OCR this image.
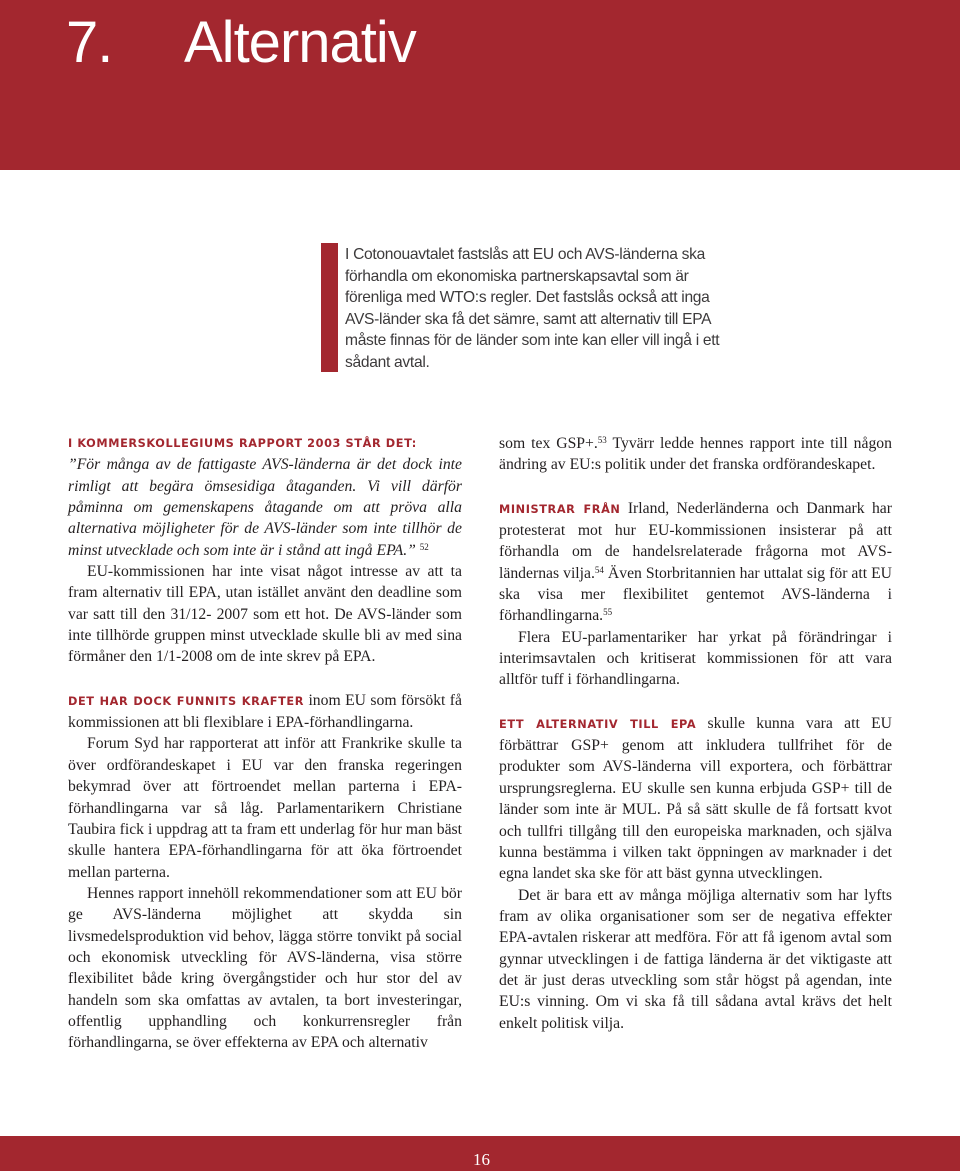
7. Alternativ

I Cotonouavtalet fastslås att EU och AVS-länderna ska förhandla om ekonomiska partnerskapsavtal som är förenliga med WTO:s regler. Det fastslås också att inga AVS-länder ska få det sämre, samt att alternativ till EPA måste finnas för de länder som inte kan eller vill ingå i ett sådant avtal.

I KOMMERSKOLLEGIUMS RAPPORT 2003 STÅR DET:
”För många av de fattigaste AVS-länderna är det dock inte rimligt att begära ömsesidiga åtaganden. Vi vill därför påminna om gemenskapens åtagande om att pröva alla alternativa möjligheter för de AVS-länder som inte tillhör de minst utvecklade och som inte är i stånd att ingå EPA.” $^{52}$

EU-kommissionen har inte visat något intresse av att ta fram alternativ till EPA, utan istället använt den deadline som var satt till den 31/12- 2007 som ett hot. De AVS-länder som inte tillhörde gruppen minst utvecklade skulle bli av med sina förmåner den 1/1-2008 om de inte skrev på EPA.

DET HAR DOCK FUNNITS KRAFTER inom EU som försökt få kommissionen att bli flexiblare i EPA-förhandlingarna.

Forum Syd har rapporterat att inför att Frankrike skulle ta över ordförandeskapet i EU var den franska regeringen bekymrad över att förtroendet mellan parterna i EPA-förhandlingarna var så låg. Parlamentarikern Christiane Taubira fick i uppdrag att ta fram ett underlag för hur man bäst skulle hantera EPA-förhandlingarna för att öka förtroendet mellan parterna.

Hennes rapport innehöll rekommendationer som att EU bör ge AVS-länderna möjlighet att skydda sin livsmedelsproduktion vid behov, lägga större tonvikt på social och ekonomisk utveckling för AVS-länderna, visa större flexibilitet både kring övergångstider och hur stor del av handeln som ska omfattas av avtalen, ta bort investeringar, offentlig upphandling och konkurrensregler från förhandlingarna, se över effekterna av EPA och alternativ

som tex GSP+.$^{53}$ Tyvärr ledde hennes rapport inte till någon ändring av EU:s politik under det franska ordförandeskapet.

MINISTRAR FRÅN Irland, Nederländerna och Danmark har protesterat mot hur EU-kommissionen insisterar på att förhandla om de handelsrelaterade frågorna mot AVS-ländernas vilja.$^{54}$ Även Storbritannien har uttalat sig för att EU ska visa mer flexibilitet gentemot AVS-länderna i förhandlingarna.$^{55}$

Flera EU-parlamentariker har yrkat på förändringar i interimsavtalen och kritiserat kommissionen för att vara alltför tuff i förhandlingarna.

ETT ALTERNATIV TILL EPA skulle kunna vara att EU förbättrar GSP+ genom att inkludera tullfrihet för de produkter som AVS-länderna vill exportera, och förbättrar ursprungsreglerna. EU skulle sen kunna erbjuda GSP+ till de länder som inte är MUL. På så sätt skulle de få fortsatt kvot och tullfri tillgång till den europeiska marknaden, och själva kunna bestämma i vilken takt öppningen av marknader i det egna landet ska ske för att bäst gynna utvecklingen.

Det är bara ett av många möjliga alternativ som har lyfts fram av olika organisationer som ser de negativa effekter EPA-avtalen riskerar att medföra. För att få igenom avtal som gynnar utvecklingen i de fattiga länderna är det viktigaste att det är just deras utveckling som står högst på agendan, inte EU:s vinning. Om vi ska få till sådana avtal krävs det helt enkelt politisk vilja.

16
